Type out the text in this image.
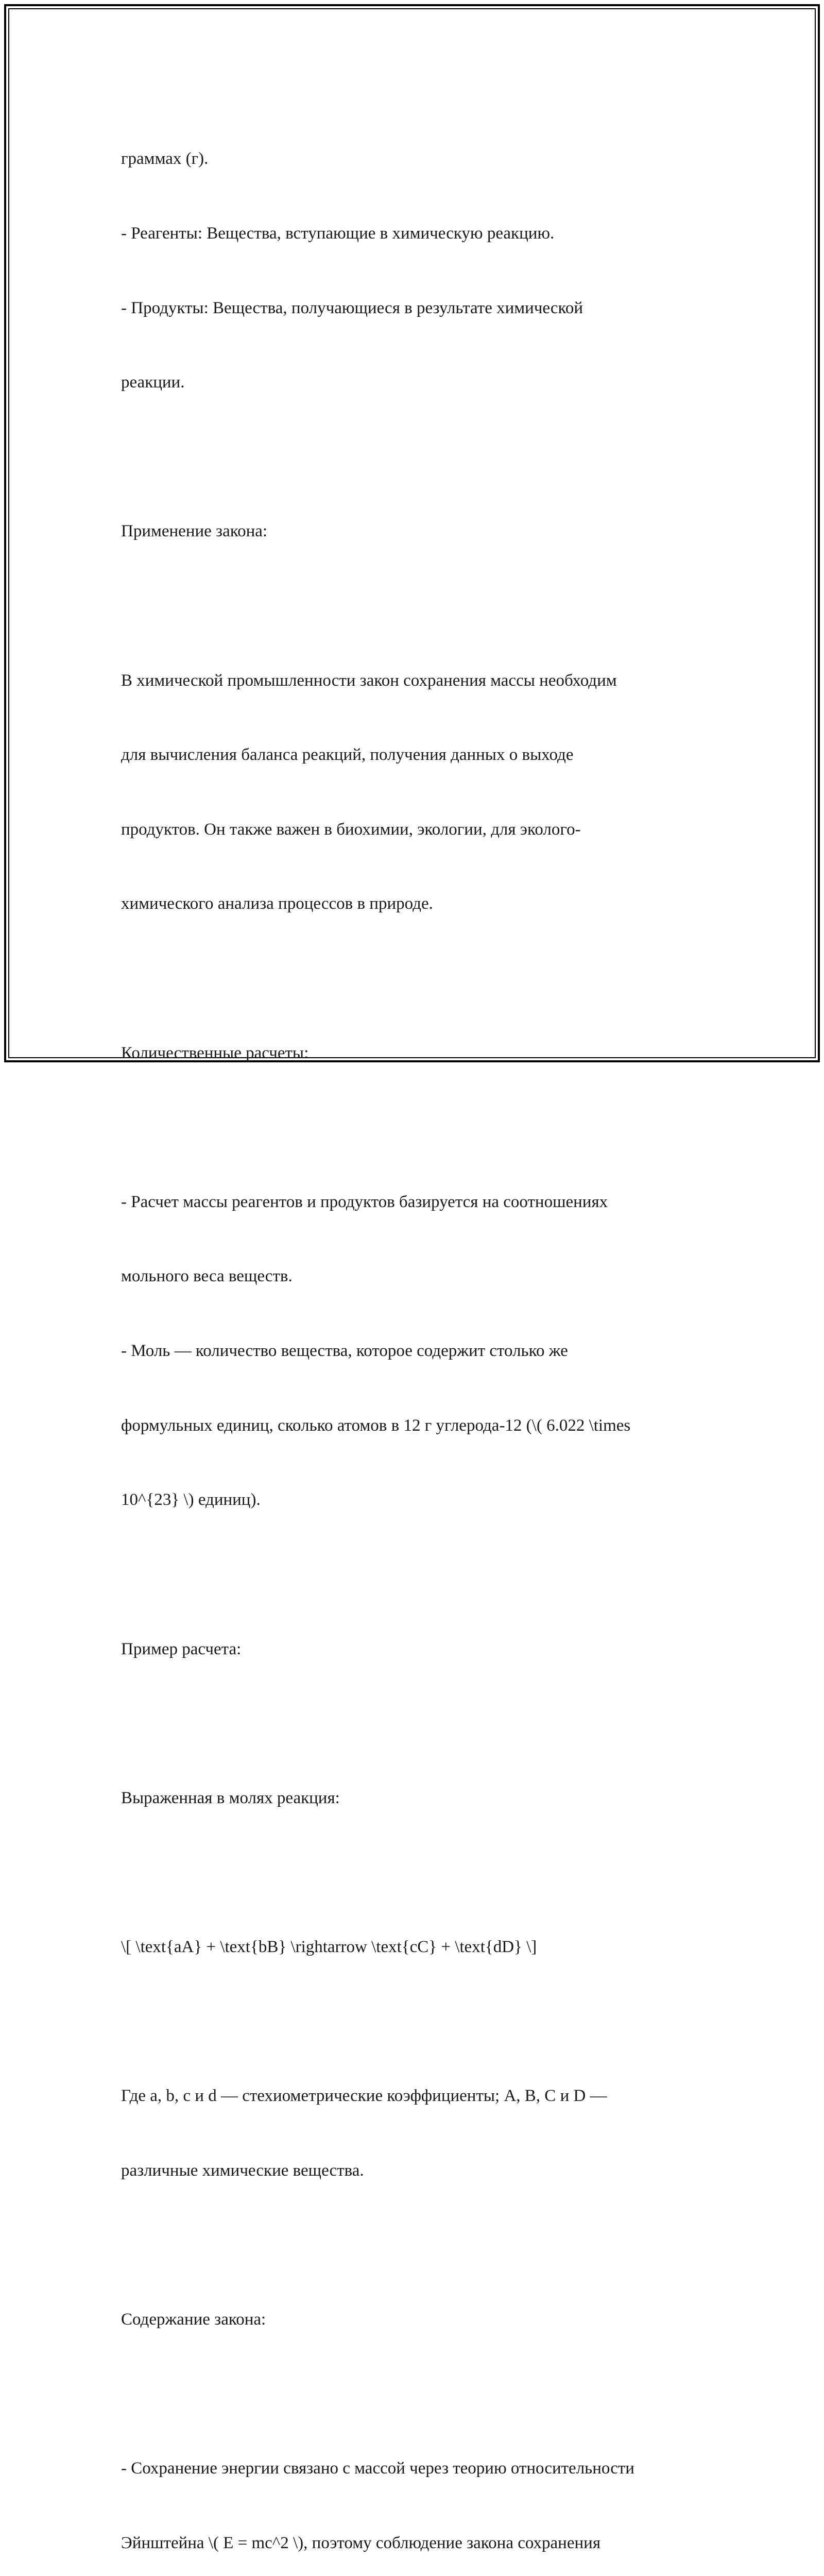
граммах (г).

- Реагенты: Вещества, вступающие в химическую реакцию.

- Продукты: Вещества, получающиеся в результате химической

реакции.

Применение закона:

В химической промышленности закон сохранения массы необходим

для вычисления баланса реакций, получения данных о выходе

продуктов. Он также важен в биохимии, экологии, для эколого-

химического анализа процессов в природе.

Количественные расчеты:

- Расчет массы реагентов и продуктов базируется на соотношениях

мольного веса веществ.

- Моль — количество вещества, которое содержит столько же

формульных единиц, сколько атомов в 12 г углерода-12 (\( 6.022 \times

10^{23} \) единиц).

Пример расчета:

Выраженная в молях реакция:

\[ \text{aA} + \text{bB} \rightarrow \text{cC} + \text{dD} \]

Где a, b, c и d — стехиометрические коэффициенты; A, B, C и D —

различные химические вещества.

Содержание закона:

- Сохранение энергии связано с массой через теорию относительности

Эйнштейна \( E = mc^2 \), поэтому соблюдение закона сохранения
